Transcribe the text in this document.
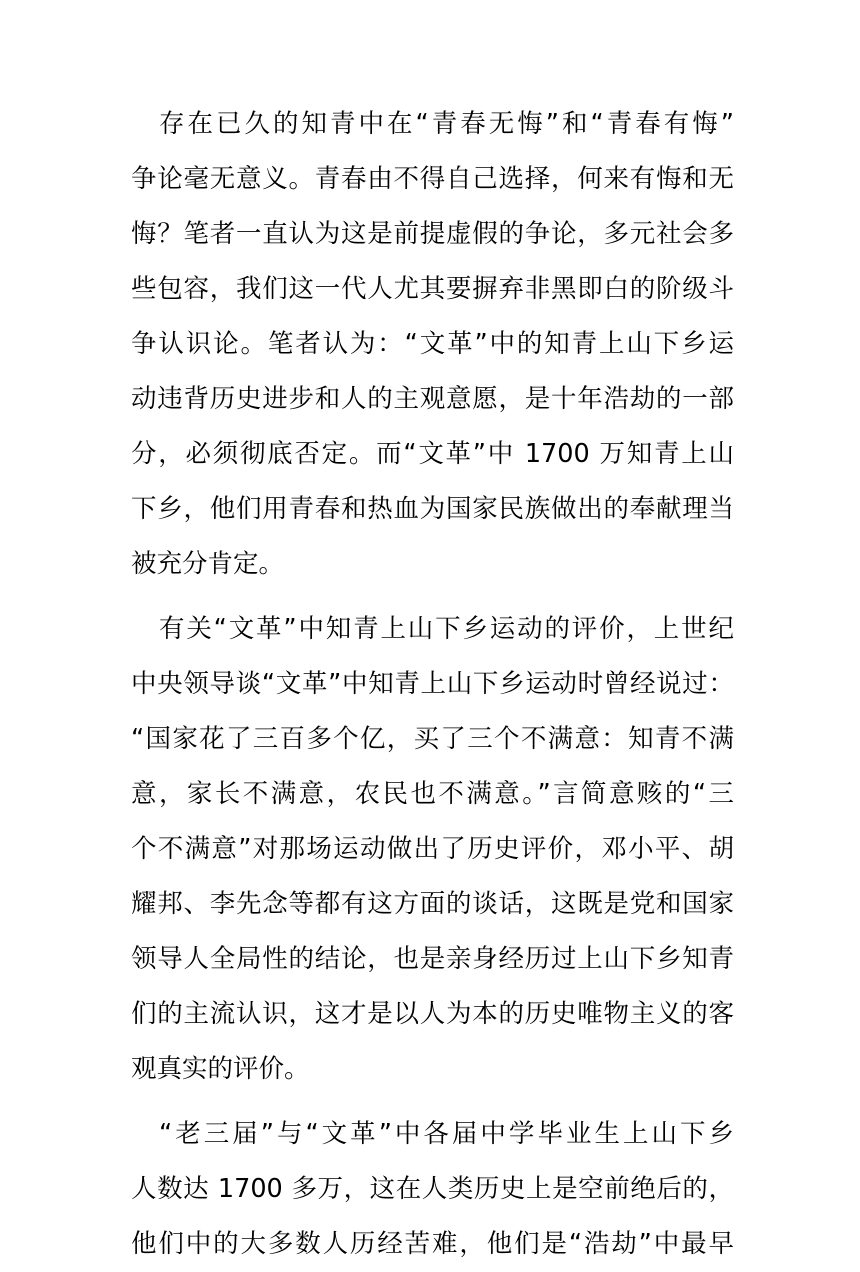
存在已久的知青中在“青春无悔”和“青春有悔”
争论毫无意义。青春由不得自己选择，何来有悔和无
悔？笔者一直认为这是前提虚假的争论，多元社会多
些包容，我们这一代人尤其要摒弃非黑即白的阶级斗
争认识论。笔者认为：“文革”中的知青上山下乡运
动违背历史进步和人的主观意愿，是十年浩劫的一部
分，必须彻底否定。而“文革”中 1700 万知青上山
下乡，他们用青春和热血为国家民族做出的奉献理当
被充分肯定。
有关“文革”中知青上山下乡运动的评价，上世纪
中央领导谈“文革”中知青上山下乡运动时曾经说过：
“国家花了三百多个亿，买了三个不满意：知青不满
意，家长不满意，农民也不满意。”言简意赅的“三
个不满意”对那场运动做出了历史评价，邓小平、胡
耀邦、李先念等都有这方面的谈话，这既是党和国家
领导人全局性的结论，也是亲身经历过上山下乡知青
们的主流认识，这才是以人为本的历史唯物主义的客
观真实的评价。
“老三届”与“文革”中各届中学毕业生上山下乡
人数达 1700 多万，这在人类历史上是空前绝后的，
他们中的大多数人历经苦难，他们是“浩劫”中最早
